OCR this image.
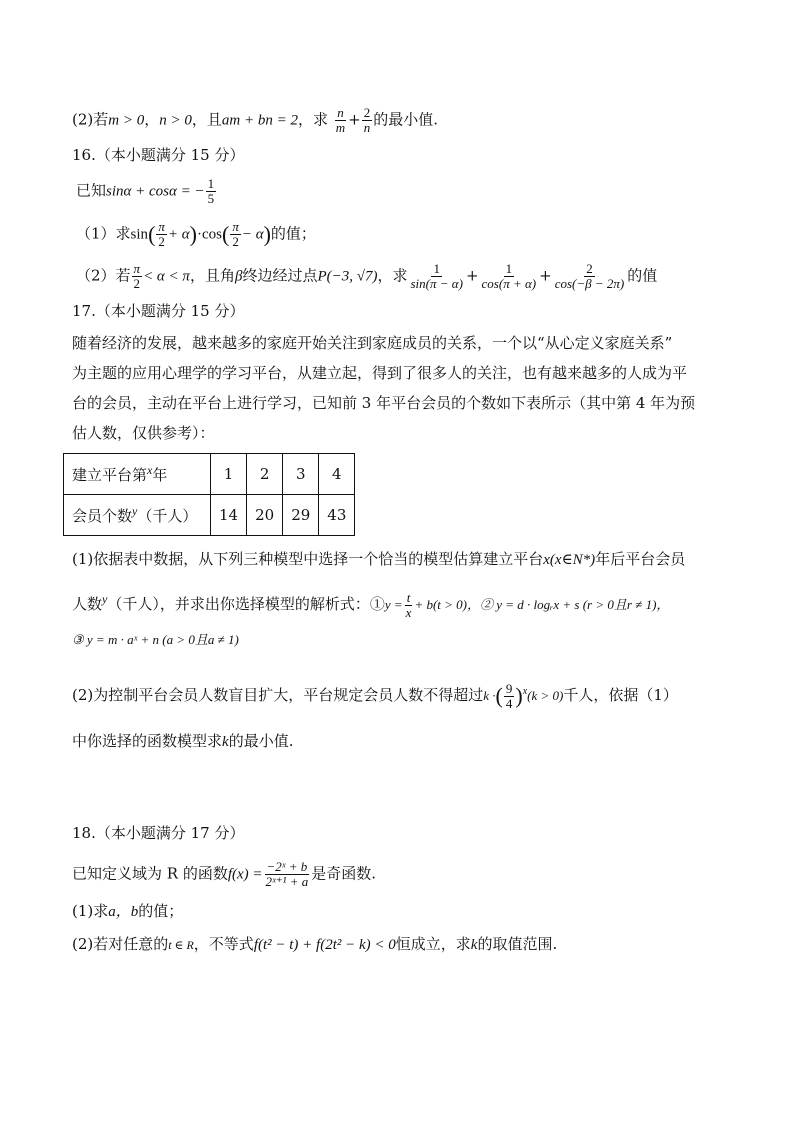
(2)若m > 0，n > 0，且am + bn = 2，求 $\frac{n}{m} + \frac{2}{n}$ 的最小值.
16.（本小题满分 15 分）
已知sinα + cosα = − $\frac{1}{5}$
（1）求$\sin( \frac{\pi}{2} + \alpha)\cdot\cos( \frac{\pi}{2} - \alpha)$的值；
（2）若 $\frac{\pi}{2} < \alpha < \pi$，且角β终边经过点P(−3, √7)，求 $\frac{1}{\sin(\pi - \alpha)} + \frac{1}{\cos(\pi + \alpha)} + \frac{2}{\cos(-\beta - 2\pi)}$ 的值
17.（本小题满分 15 分）
随着经济的发展，越来越多的家庭开始关注到家庭成员的关系，一个以“从心定义家庭关系”
为主题的应用心理学的学习平台，从建立起，得到了很多人的关注，也有越来越多的人成为平
台的会员，主动在平台上进行学习，已知前 3 年平台会员的个数如下表所示（其中第 4 年为预
估人数，仅供参考）：
建立平台第$^x$年	1	2	3	4
会员个数$^y$（千人）	14	20	29	43
(1)依据表中数据，从下列三种模型中选择一个恰当的模型估算建立平台x(x∈N*)年后平台会员
人数$^y$（千人），并求出你选择模型的解析式：①y = $\frac{t}{x} + b(t > 0)$，② y = d · logᵣx + s (r > 0且r ≠ 1)，
③ y = m · aˣ + n (a > 0且a ≠ 1)
(2)为控制平台会员人数盲目扩大，平台规定会员人数不得超过k ·( $\frac{9}{4} )^x(k > 0)$千人，依据（1）
中你选择的函数模型求k的最小值.
18.（本小题满分 17 分）
已知定义域为 R 的函数$f(x) = \frac{\text{−2ˣ + b}}{\text{2ˣ⁺¹ + a}}$ 是奇函数.
(1)求a，b的值；
(2)若对任意的t ∈ R，不等式f(t² − t) + f(2t² − k) < 0恒成立，求k的取值范围.
